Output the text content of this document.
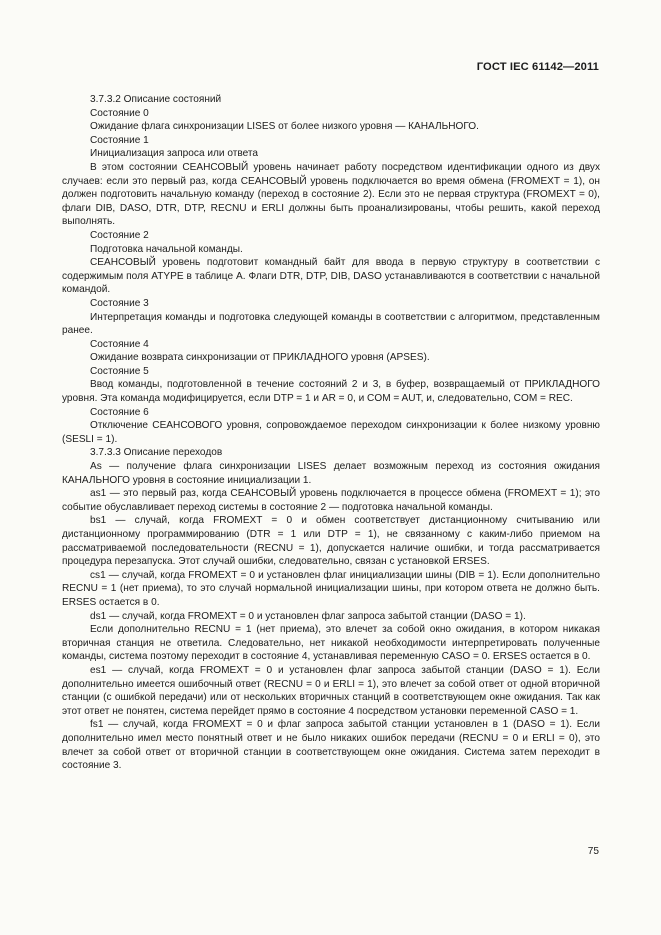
ГОСТ IEC 61142—2011

3.7.3.2 Описание состояний

Состояние 0

Ожидание флага синхронизации LISES от более низкого уровня — КАНАЛЬНОГО.

Состояние 1

Инициализация запроса или ответа

В этом состоянии СЕАНСОВЫЙ уровень начинает работу посредством идентификации одного из двух случаев: если это первый раз, когда СЕАНСОВЫЙ уровень подключается во время обмена (FROMEXT = 1), он должен подготовить начальную команду (переход в состояние 2). Если это не первая структура (FROMEXT = 0), флаги DIB, DASO, DTR, DTP, RECNU и ERLI должны быть проанализированы, чтобы решить, какой переход выполнять.

Состояние 2

Подготовка начальной команды.

СЕАНСОВЫЙ уровень подготовит командный байт для ввода в первую структуру в соответствии с содержимым поля ATYPE в таблице А. Флаги DTR, DTP, DIB, DASO устанавливаются в соответствии с начальной командой.

Состояние 3

Интерпретация команды и подготовка следующей команды в соответствии с алгоритмом, представленным ранее.

Состояние 4

Ожидание возврата синхронизации от ПРИКЛАДНОГО уровня (APSES).

Состояние 5

Ввод команды, подготовленной в течение состояний 2 и 3, в буфер, возвращаемый от ПРИКЛАДНОГО уровня. Эта команда модифицируется, если DTP = 1 и AR = 0, и COM = AUT, и, следовательно, COM = REC.

Состояние 6

Отключение СЕАНСОВОГО уровня, сопровождаемое переходом синхронизации к более низкому уровню (SESLI = 1).

3.7.3.3 Описание переходов

As — получение флага синхронизации LISES делает возможным переход из состояния ожидания КАНАЛЬНОГО уровня в состояние инициализации 1.

as1 — это первый раз, когда СЕАНСОВЫЙ уровень подключается в процессе обмена (FROMEXT = 1); это событие обуславливает переход системы в состояние 2 — подготовка начальной команды.

bs1 — случай, когда FROMEXT = 0 и обмен соответствует дистанционному считыванию или дистанционному программированию (DTR = 1 или DTP = 1), не связанному с каким-либо приемом на рассматриваемой последовательности (RECNU = 1), допускается наличие ошибки, и тогда рассматривается процедура перезапуска. Этот случай ошибки, следовательно, связан с установкой ERSES.

cs1 — случай, когда FROMEXT = 0 и установлен флаг инициализации шины (DIB = 1). Если дополнительно RECNU = 1 (нет приема), то это случай нормальной инициализации шины, при котором ответа не должно быть. ERSES остается в 0.

ds1 — случай, когда FROMEXT = 0 и установлен флаг запроса забытой станции (DASO = 1).

Если дополнительно RECNU = 1 (нет приема), это влечет за собой окно ожидания, в котором никакая вторичная станция не ответила. Следовательно, нет никакой необходимости интерпретировать полученные команды, система поэтому переходит в состояние 4, устанавливая переменную CASO = 0. ERSES остается в 0.

es1 — случай, когда FROMEXT = 0 и установлен флаг запроса забытой станции (DASO = 1). Если дополнительно имеется ошибочный ответ (RECNU = 0 и ERLI = 1), это влечет за собой ответ от одной вторичной станции (с ошибкой передачи) или от нескольких вторичных станций в соответствующем окне ожидания. Так как этот ответ не понятен, система перейдет прямо в состояние 4 посредством установки переменной CASO = 1.

fs1 — случай, когда FROMEXT = 0 и флаг запроса забытой станции установлен в 1 (DASO = 1). Если дополнительно имел место понятный ответ и не было никаких ошибок передачи (RECNU = 0 и ERLI = 0), это влечет за собой ответ от вторичной станции в соответствующем окне ожидания. Система затем переходит в состояние 3.

75
